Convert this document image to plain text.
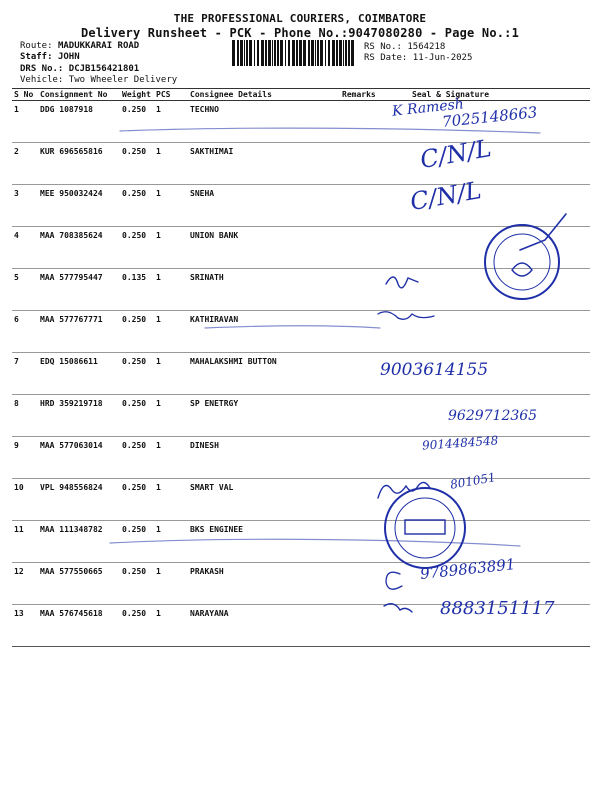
THE PROFESSIONAL COURIERS, COIMBATORE
Delivery Runsheet - PCK - Phone No.:9047080280 - Page No.:1
Route: MADUKKARAI ROAD
Staff: JOHN
DRS No.: DCJB156421801
Vehicle: Two Wheeler Delivery
RS No.: 1564218
RS Date: 11-Jun-2025
S No	Consignment No	Weight	PCS	Consignee Details	Remarks	Seal & Signature
1	DDG 1087918	0.250	1	TECHNO		
2	KUR 696565816	0.250	1	SAKTHIMAI		
3	MEE 950032424	0.250	1	SNEHA		
4	MAA 708385624	0.250	1	UNION BANK		
5	MAA 577795447	0.135	1	SRINATH		
6	MAA 577767771	0.250	1	KATHIRAVAN		
7	EDQ 15086611	0.250	1	MAHALAKSHMI BUTTON		
8	HRD 359219718	0.250	1	SP ENETRGY		
9	MAA 577063014	0.250	1	DINESH		
10	VPL 948556824	0.250	1	SMART VAL		
11	MAA 111348782	0.250	1	BKS ENGINEE		
12	MAA 577550665	0.250	1	PRAKASH		
13	MAA 576745618	0.250	1	NARAYANA		
K Ramesh
7025148663
C/N/L
C/N/L
9003614155
9629712365
9014484548
801051
9789863891
8883151117
